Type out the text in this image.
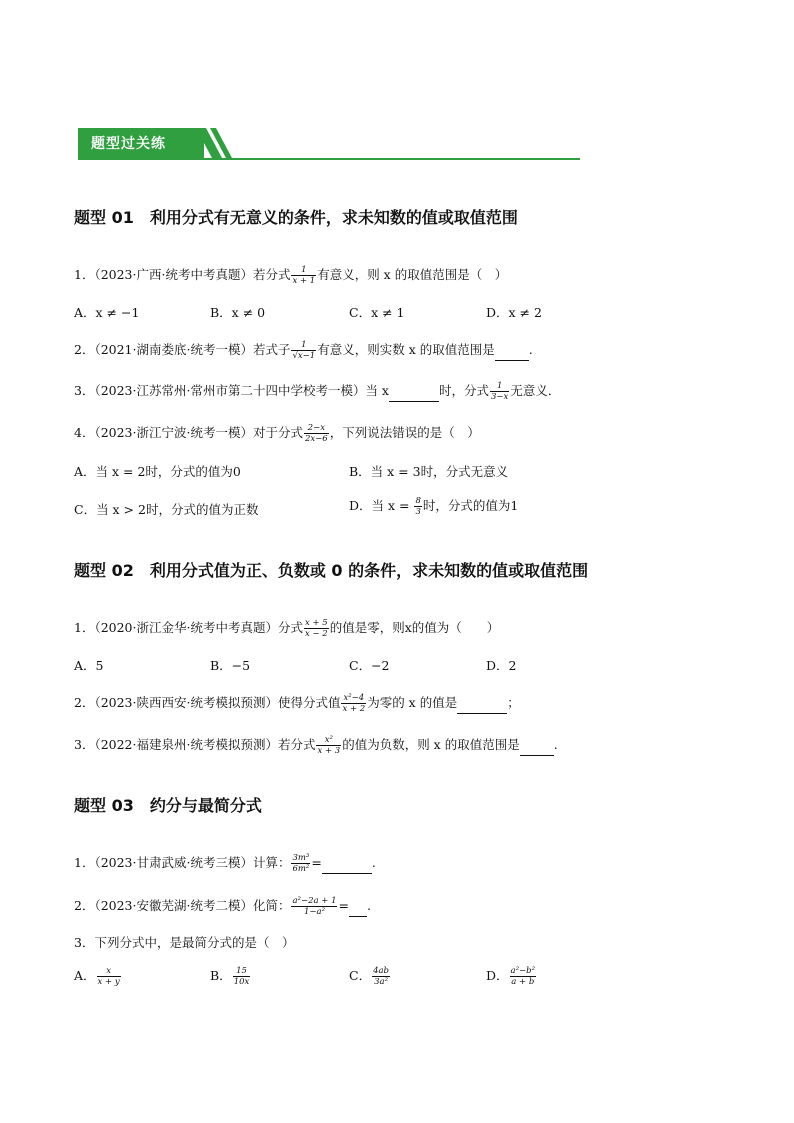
题型过关练
题型 01 利用分式有无意义的条件，求未知数的值或取值范围
1．（2023·广西·统考中考真题）若分式 $\frac{1}{x + 1}$ 有意义，则 x 的取值范围是（　）
A．x ≠ −1	B．x ≠ 0	C．x ≠ 1	D．x ≠ 2
2．（2021·湖南娄底·统考一模）若式子 $\frac{1}{√x-1}$ 有意义，则实数 x 的取值范围是	.
3．（2023·江苏常州·常州市第二十四中学校考一模）当 x	时，分式 $\frac{1}{3-x}$ 无意义．
4．（2023·浙江宁波·统考一模）对于分式 $\frac{2-x}{2x-6}$ ，下列说法错误的是（　）
A．当 x = 2时，分式的值为0	B．当 x = 3时，分式无意义
C．当 x > 2时，分式的值为正数	D．当 $x = \frac{8}{3}$ 时，分式的值为1
题型 02 利用分式值为正、负数或 0 的条件，求未知数的值或取值范围
1．（2020·浙江金华·统考中考真题）分式 $\frac{x + 5}{x - 2}$ 的值是零，则x的值为（　　）
A．5	B．−5	C．−2	D．2
2．（2023·陕西西安·统考模拟预测）使得分式值 $\frac{\text{x²−4}}{x + 2}$ 为零的 x 的值是	；
3．（2022·福建泉州·统考模拟预测）若分式 $\frac{\text{x²}}{x + 3}$ 的值为负数，则 x 的取值范围是	.
题型 03 约分与最简分式
1．（2023·甘肃武威·统考三模）计算： $\frac{\text{3m³}}{\text{6m²}}$ =	.
2．（2023·安徽芜湖·统考二模）化简： $\frac{\text{a²−2a + 1}}{\text{1−a²}}$ = .
3．下列分式中，是最简分式的是（　）
A． $\frac{x}{x + y}$	B． $\frac{15}{10x}$	C． $\frac{4ab}{\text{3a²}}$	D． $\frac{\text{a²−b²}}{a + b}$
